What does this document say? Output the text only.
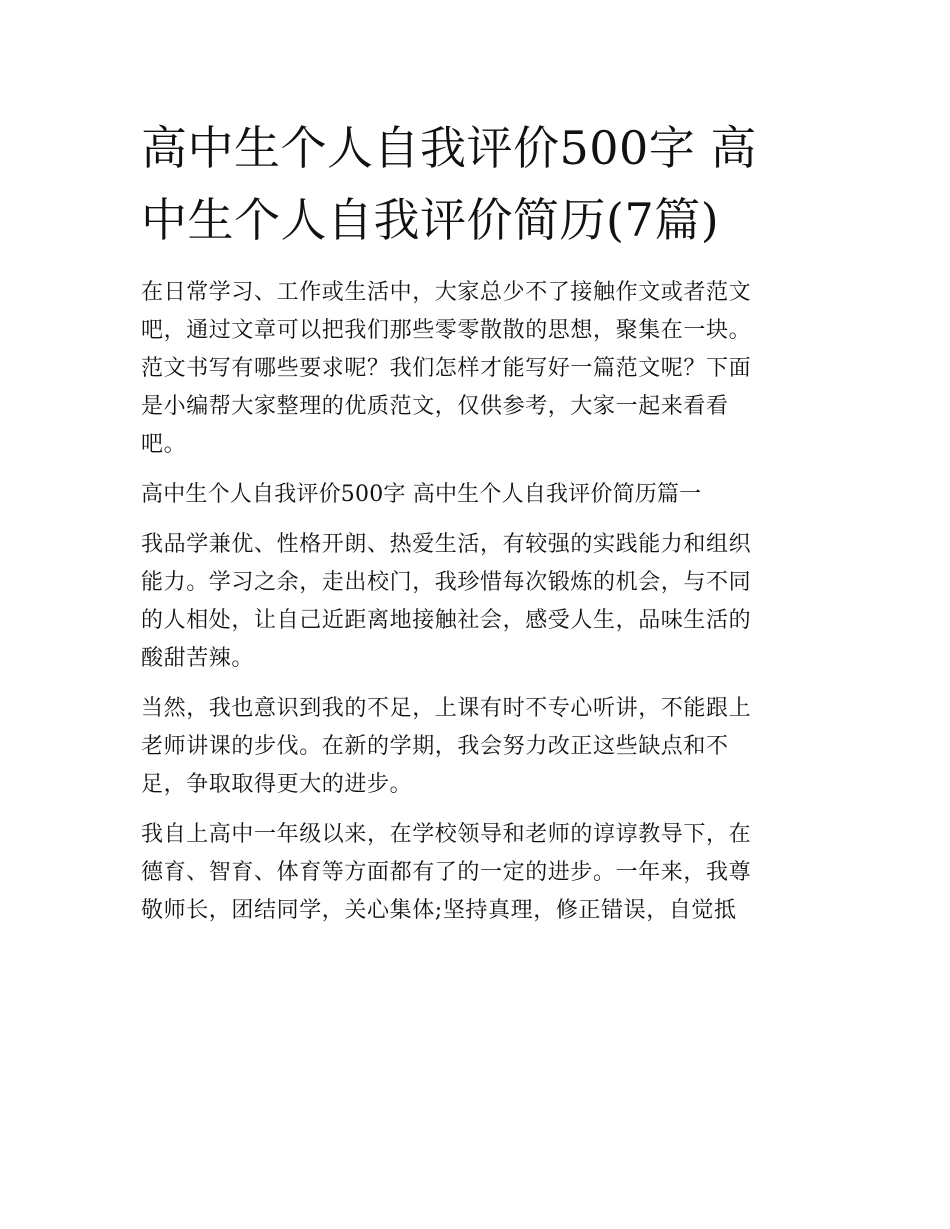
高中生个人自我评价500字 高
中生个人自我评价简历(7篇)

在日常学习、工作或生活中，大家总少不了接触作文或者范文
吧，通过文章可以把我们那些零零散散的思想，聚集在一块。
范文书写有哪些要求呢？我们怎样才能写好一篇范文呢？下面
是小编帮大家整理的优质范文，仅供参考，大家一起来看看
吧。

高中生个人自我评价500字 高中生个人自我评价简历篇一

我品学兼优、性格开朗、热爱生活，有较强的实践能力和组织
能力。学习之余，走出校门，我珍惜每次锻炼的机会，与不同
的人相处，让自己近距离地接触社会，感受人生，品味生活的
酸甜苦辣。

当然，我也意识到我的不足，上课有时不专心听讲，不能跟上
老师讲课的步伐。在新的学期，我会努力改正这些缺点和不
足，争取取得更大的进步。

我自上高中一年级以来，在学校领导和老师的谆谆教导下，在
德育、智育、体育等方面都有了的一定的进步。一年来，我尊
敬师长，团结同学，关心集体;坚持真理，修正错误，自觉抵
